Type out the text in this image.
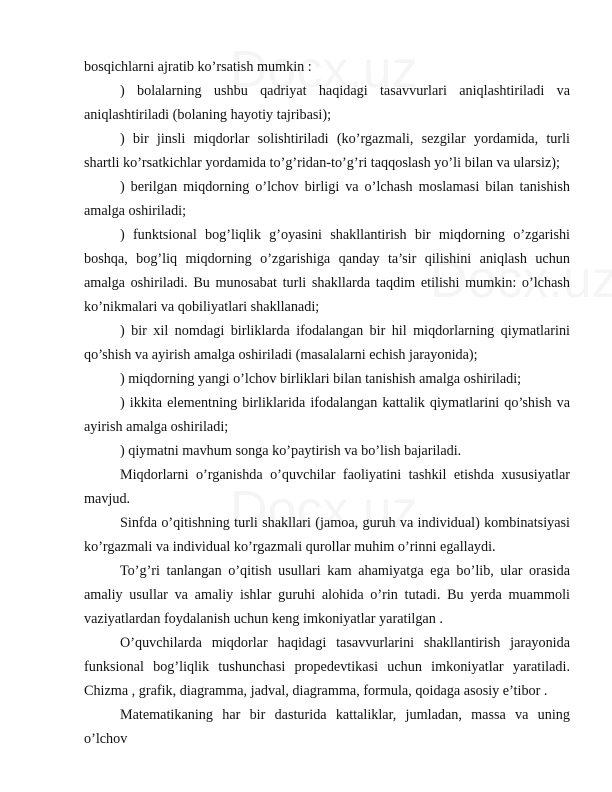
bosqichlarni ajratib ko’rsatish mumkin :

) bolalarning ushbu qadriyat haqidagi tasavvurlari aniqlashtiriladi va aniqlashtiriladi (bolaning hayotiy tajribasi);

) bir jinsli miqdorlar solishtiriladi (ko’rgazmali, sezgilar yordamida, turli shartli ko’rsatkichlar yordamida to’g’ridan-to’g’ri taqqoslash yo’li bilan va ularsiz);

) berilgan miqdorning o’lchov birligi va o’lchash moslamasi bilan tanishish amalga oshiriladi;

) funktsional bog’liqlik g’oyasini shakllantirish bir miqdorning o’zgarishi boshqa, bog’liq miqdorning o’zgarishiga qanday ta’sir qilishini aniqlash uchun amalga oshiriladi. Bu munosabat turli shakllarda taqdim etilishi mumkin: o’lchash ko’nikmalari va qobiliyatlari shakllanadi;

) bir xil nomdagi birliklarda ifodalangan bir hil miqdorlarning qiymatlarini qo’shish va ayirish amalga oshiriladi (masalalarni echish jarayonida);

) miqdorning yangi o’lchov birliklari bilan tanishish amalga oshiriladi;

) ikkita elementning birliklarida ifodalangan kattalik qiymatlarini qo’shish va ayirish amalga oshiriladi;

) qiymatni mavhum songa ko’paytirish va bo’lish bajariladi.

Miqdorlarni o’rganishda o’quvchilar faoliyatini tashkil etishda xususiyatlar mavjud.

Sinfda o’qitishning turli shakllari (jamoa, guruh va individual) kombinatsiyasi ko’rgazmali va individual ko’rgazmali qurollar muhim o’rinni egallaydi.

To’g’ri tanlangan o’qitish usullari kam ahamiyatga ega bo’lib, ular orasida amaliy usullar va amaliy ishlar guruhi alohida o’rin tutadi. Bu yerda muammoli vaziyatlardan foydalanish uchun keng imkoniyatlar yaratilgan .

O’quvchilarda miqdorlar haqidagi tasavvurlarini shakllantirish jarayonida funksional bog’liqlik tushunchasi propedevtikasi uchun imkoniyatlar yaratiladi. Chizma , grafik, diagramma, jadval, diagramma, formula, qoidaga asosiy e’tibor .

Matematikaning har bir dasturida kattaliklar, jumladan, massa va uning o’lchov
